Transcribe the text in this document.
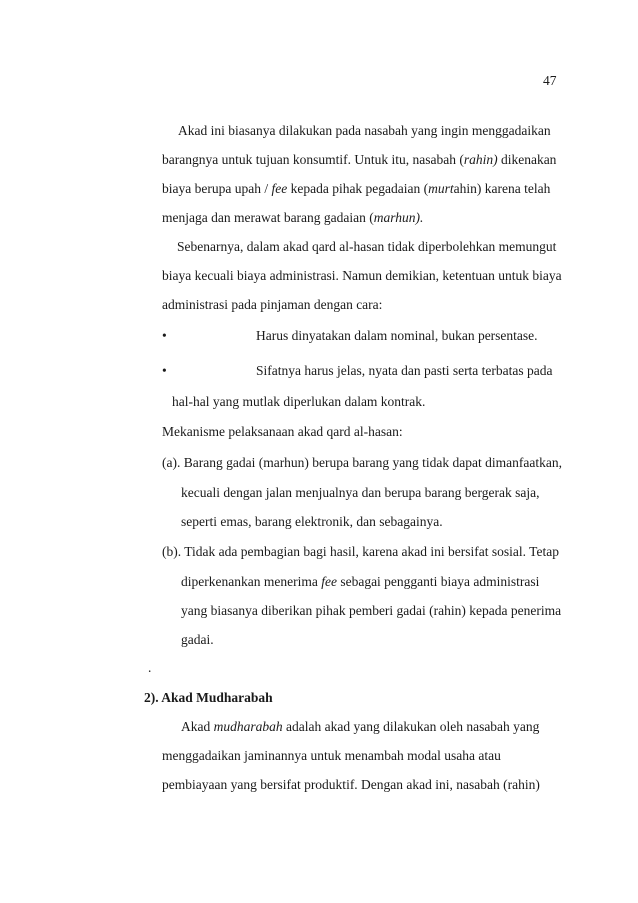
47
Akad ini biasanya dilakukan pada nasabah yang ingin menggadaikan
barangnya untuk tujuan konsumtif. Untuk itu, nasabah (rahin) dikenakan
biaya berupa upah / fee kepada pihak pegadaian (murtahin) karena telah
menjaga dan merawat barang gadaian (marhun).
Sebenarnya, dalam akad qard al-hasan tidak diperbolehkan memungut
biaya kecuali biaya administrasi. Namun demikian, ketentuan untuk biaya
administrasi pada pinjaman dengan cara:
•	Harus dinyatakan dalam nominal, bukan persentase.
•	Sifatnya harus jelas, nyata dan pasti serta terbatas pada
hal-hal yang mutlak diperlukan dalam kontrak.
Mekanisme pelaksanaan akad qard al-hasan:
(a). Barang gadai (marhun) berupa barang yang tidak dapat dimanfaatkan,
kecuali dengan jalan menjualnya dan berupa barang bergerak saja,
seperti emas, barang elektronik, dan sebagainya.
(b). Tidak ada pembagian bagi hasil, karena akad ini bersifat sosial. Tetap
diperkenankan menerima fee sebagai pengganti biaya administrasi
yang biasanya diberikan pihak pemberi gadai (rahin) kepada penerima
gadai.
.
2). Akad Mudharabah
Akad mudharabah adalah akad yang dilakukan oleh nasabah yang
menggadaikan jaminannya untuk menambah modal usaha atau
pembiayaan yang bersifat produktif. Dengan akad ini, nasabah (rahin)
